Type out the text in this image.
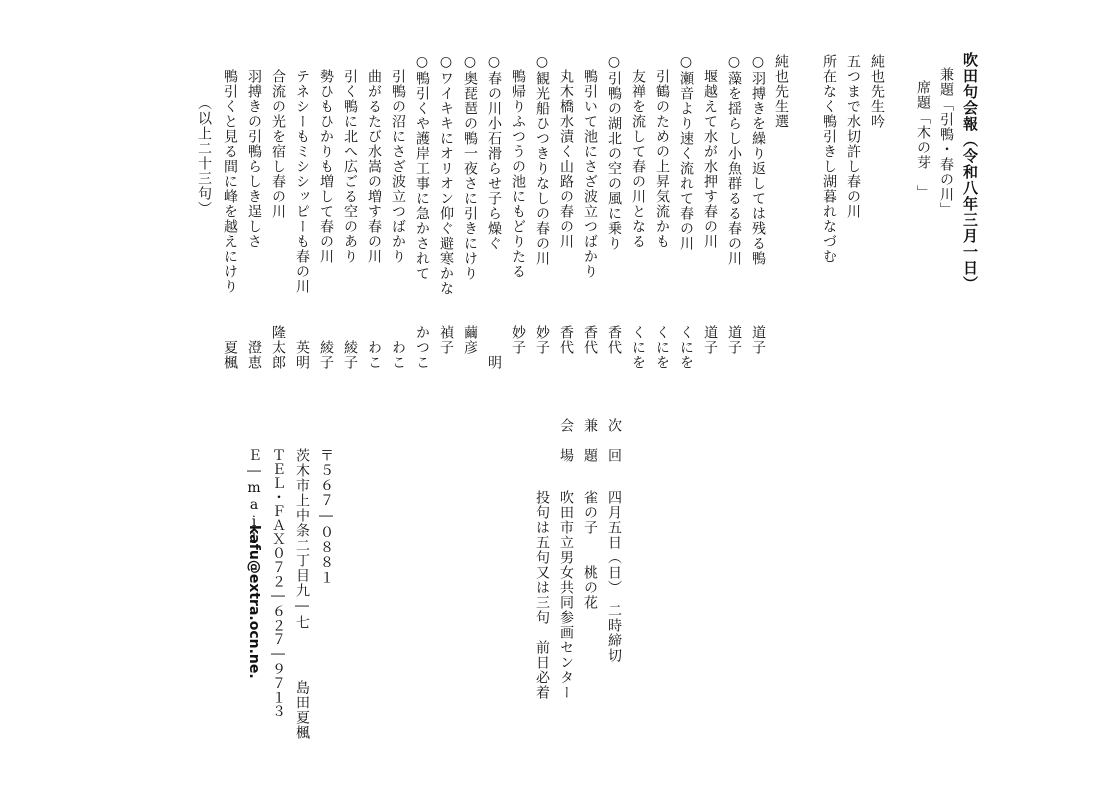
吹田句会報（令和八年三月一日）
兼題「引鴨・春の川」
席題「木の芽　」
純也先生吟
五つまで水切許し春の川
所在なく鴨引きし湖暮れなづむ
純也先生選
○羽搏きを繰り返しては残る鴨
道子
○藻を揺らし小魚群るる春の川
道子
　堰越えて水が水押す春の川
道子
○瀬音より速く流れて春の川
くにを
　引鶴のための上昇気流かも
くにを
　友禅を流して春の川となる
くにを
○引鴨の湖北の空の風に乗り
香代
　鴨引いて池にさざ波立つばかり
香代
　丸木橋水漬く山路の春の川
香代
○観光船ひつきりなしの春の川
妙子
　鴨帰りふつうの池にもどりたる
妙子
○春の川小石滑らせ子ら燥ぐ
明
○奥琵琶の鴨一夜さに引きにけり
繭彦
○ワイキキにオリオン仰ぐ避寒かな
禎子
○鴨引くや護岸工事に急かされて
かつこ
　引鴨の沼にさざ波立つばかり
わこ
　曲がるたび水嵩の増す春の川
わこ
　引く鴨に北へ広ごる空のあり
綾子
　勢ひもひかりも増して春の川
綾子
　テネシーもミシシッピーも春の川
英明
　合流の光を宿し春の川
隆太郎
　羽搏きの引鴨らしき逞しさ
澄恵
　鴨引くと見る間に峰を越えにけり
夏楓
（以上二十三句）
次　回
四月五日（日）　二時締切
兼　題
雀の子　　桃の花
会　場
吹田市立男女共同参画センター
投句は五句又は三句　前日必着
〒５６７―０８８１
茨木市上中条二丁目九―七
島田夏楓
ＴＥＬ・ＦＡＸ０７２―６２７―９７１３
Ｅ―mail
kafu@extra.ocn.ne.
